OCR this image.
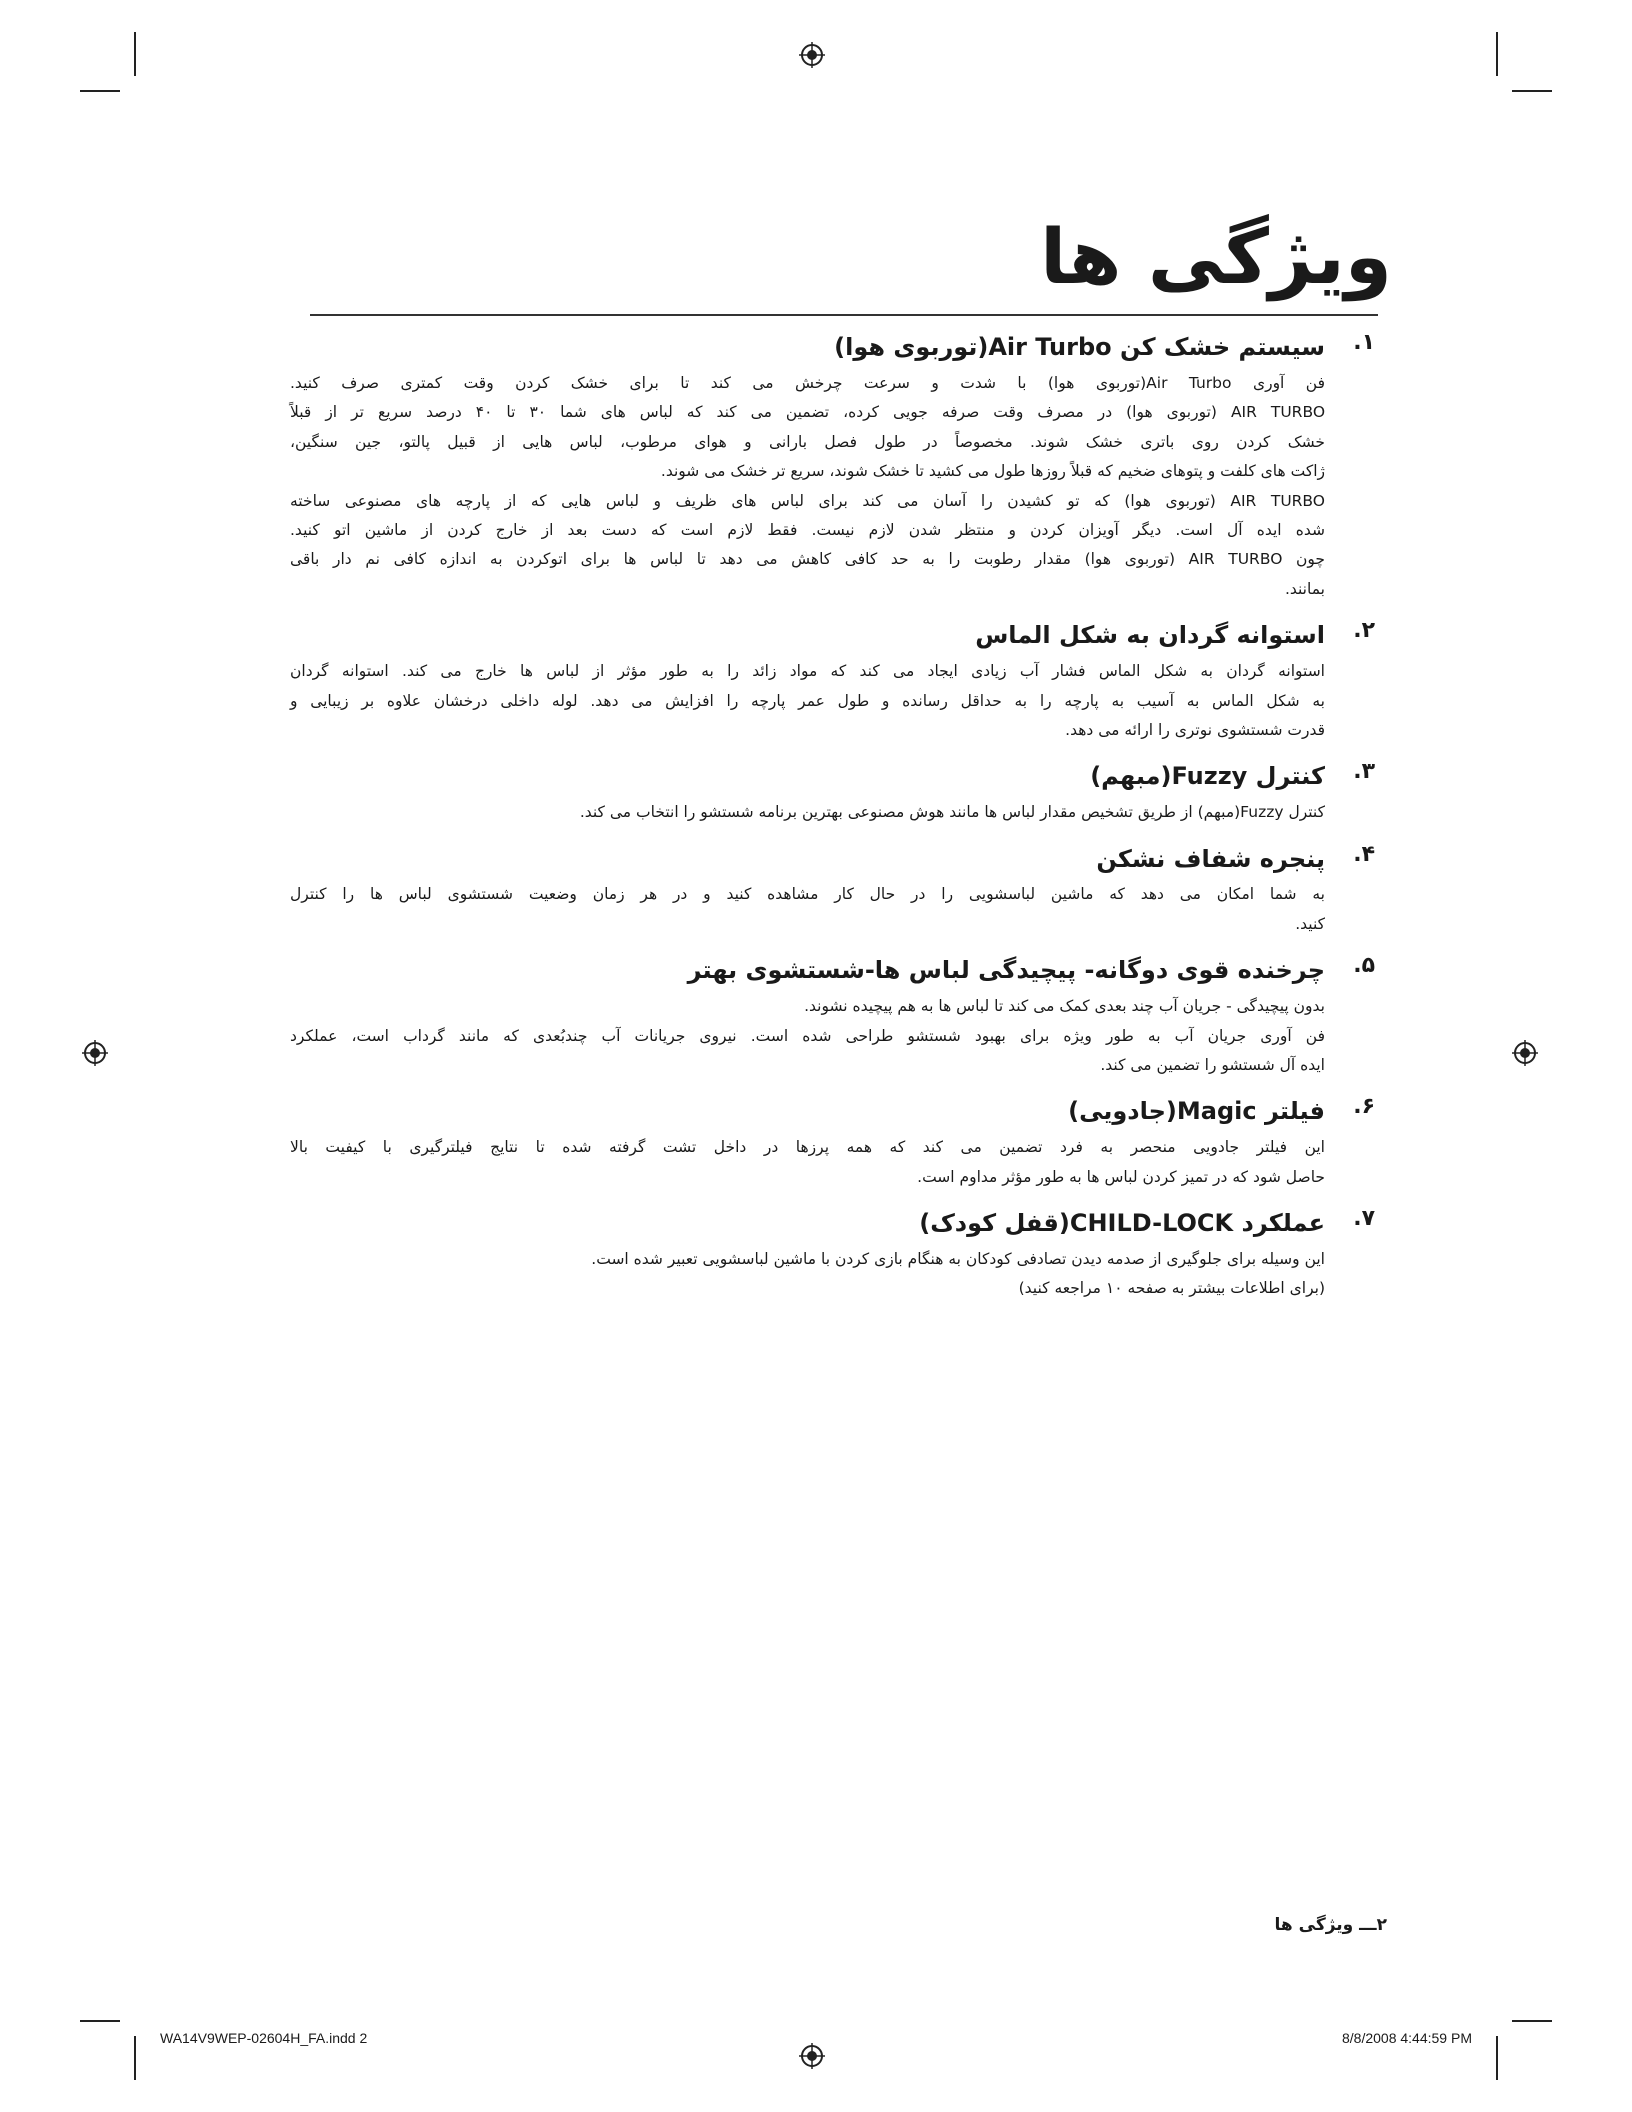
ویژگی ها
۱.
سیستم خشک کن Air Turbo(توربوی هوا)
فن آوری Air Turbo(توربوی هوا) با شدت و سرعت چرخش می کند تا برای خشک کردن وقت کمتری صرف کنید.
AIR TURBO (توربوی هوا) در مصرف وقت صرفه جویی کرده، تضمین می کند که لباس های شما ۳۰ تا ۴۰ درصد سریع تر از قبلاً
خشک کردن روی باتری خشک شوند. مخصوصاً در طول فصل بارانی و هوای مرطوب، لباس هایی از قبیل پالتو، جین سنگین،
ژاکت های کلفت و پتوهای ضخیم که قبلاً روزها طول می کشید تا خشک شوند، سریع تر خشک می شوند.
AIR TURBO (توربوی هوا) که تو کشیدن را آسان می کند برای لباس های ظریف و لباس هایی که از پارچه های مصنوعی ساخته
شده ایده آل است. دیگر آویزان کردن و منتظر شدن لازم نیست. فقط لازم است که دست بعد از خارج کردن از ماشین اتو کنید.
چون AIR TURBO (توربوی هوا) مقدار رطوبت را به حد کافی کاهش می دهد تا لباس ها برای اتوکردن به اندازه کافی نم دار باقی
بمانند.
۲.
استوانه گردان به شکل الماس
استوانه گردان به شکل الماس فشار آب زیادی ایجاد می کند که مواد زائد را به طور مؤثر از لباس ها خارج می کند. استوانه گردان
به شکل الماس به آسیب به پارچه را به حداقل رسانده و طول عمر پارچه را افزایش می دهد. لوله داخلی درخشان علاوه بر زیبایی و
قدرت شستشوی نوتری را ارائه می دهد.
۳.
کنترل Fuzzy(مبهم)
کنترل Fuzzy(مبهم) از طریق تشخیص مقدار لباس ها مانند هوش مصنوعی بهترین برنامه شستشو را انتخاب می کند.
۴.
پنجره شفاف نشکن
به شما امکان می دهد که ماشین لباسشویی را در حال کار مشاهده کنید و در هر زمان وضعیت شستشوی لباس ها را کنترل
کنید.
۵.
چرخنده قوی دوگانه- پیچیدگی لباس ها-شستشوی بهتر
بدون پیچیدگی - جریان آب چند بعدی کمک می کند تا لباس ها به هم پیچیده نشوند.
فن آوری جریان آب به طور ویژه برای بهبود شستشو طراحی شده است. نیروی جریانات آب چندبُعدی که مانند گرداب است، عملکرد
ایده آل شستشو را تضمین می کند.
۶.
فیلتر Magic(جادویی)
این فیلتر جادویی منحصر به فرد تضمین می کند که همه پرزها در داخل تشت گرفته شده تا نتایج فیلترگیری با کیفیت بالا
حاصل شود که در تمیز کردن لباس ها به طور مؤثر مداوم است.
۷.
عملکرد CHILD-LOCK(قفل کودک)
این وسیله برای جلوگیری از صدمه دیدن تصادفی کودکان به هنگام بازی کردن با ماشین لباسشویی تعبیر شده است.
(برای اطلاعات بیشتر به صفحه ۱۰ مراجعه کنید)
۲ـــ ویژگی ها
WA14V9WEP-02604H_FA.indd 2	8/8/2008 4:44:59 PM
